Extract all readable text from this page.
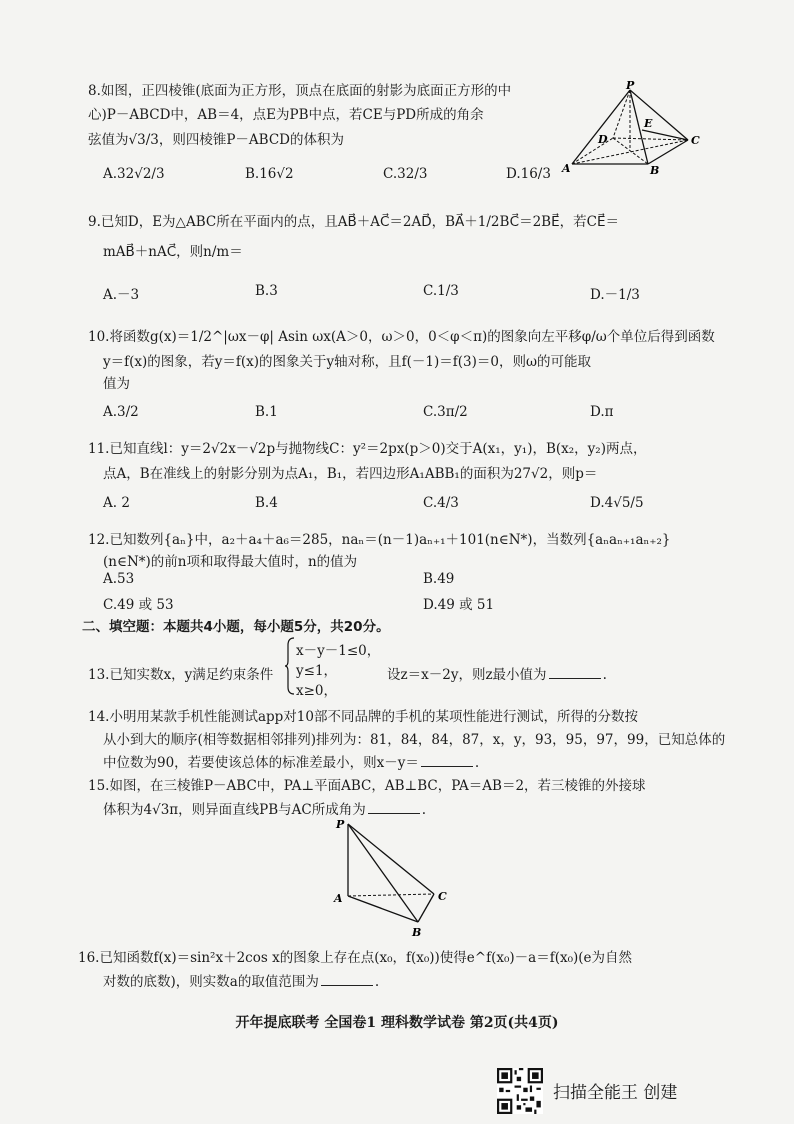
8.如图，正四棱锥(底面为正方形，顶点在底面的射影为底面正方形的中
心)P－ABCD中，AB＝4，点E为PB中点，若CE与PD所成的角余
弦值为√3/3，则四棱锥P－ABCD的体积为
A.32√2/3	B.16√2	C.32/3	D.16/3
P
D
E
C
A	B
9.已知D，E为△ABC所在平面内的点，且AB⃗＋AC⃗＝2AD⃗，BA⃗＋1/2BC⃗＝2BE⃗，若CE⃗＝
mAB⃗＋nAC⃗，则n/m＝
A.－3	B.3	C.1/3	D.－1/3
10.将函数g(x)＝1/2^|ωx－φ| Asin ωx(A＞0，ω＞0，0＜φ＜π)的图象向左平移φ/ω个单位后得到函数
y＝f(x)的图象，若y＝f(x)的图象关于y轴对称，且f(－1)＝f(3)＝0，则ω的可能取
值为
A.3/2	B.1	C.3π/2	D.π
11.已知直线l：y＝2√2x－√2p与抛物线C：y²＝2px(p＞0)交于A(x₁，y₁)，B(x₂，y₂)两点，
点A，B在准线上的射影分别为点A₁，B₁，若四边形A₁ABB₁的面积为27√2，则p＝
A. 2	B.4	C.4/3	D.4√5/5
12.已知数列{aₙ}中，a₂＋a₄＋a₆＝285，naₙ＝(n－1)aₙ₊₁＋101(n∈N*)，当数列{aₙaₙ₊₁aₙ₊₂}
(n∈N*)的前n项和取得最大值时，n的值为
A.53	B.49
C.49 或 53	D.49 或 51
二、填空题：本题共4小题，每小题5分，共20分。
13.已知实数x，y满足约束条件
x－y－1≤0，
y≤1，
x≥0，
设z＝x－2y，则z最小值为	.
14.小明用某款手机性能测试app对10部不同品牌的手机的某项性能进行测试，所得的分数按
从小到大的顺序(相等数据相邻排列)排列为：81，84，84，87，x，y，93，95，97，99，已知总体的
中位数为90，若要使该总体的标准差最小，则x－y＝	.
15.如图，在三棱锥P－ABC中，PA⊥平面ABC，AB⊥BC，PA＝AB＝2，若三棱锥的外接球
体积为4√3π，则异面直线PB与AC所成角为	.
P
A	C
B
16.已知函数f(x)＝sin²x＋2cos x的图象上存在点(x₀，f(x₀))使得e^f(x₀)－a＝f(x₀)(e为自然
对数的底数)，则实数a的取值范围为	.
开年提底联考 全国卷1 理科数学试卷 第2页(共4页)
扫描全能王 创建
